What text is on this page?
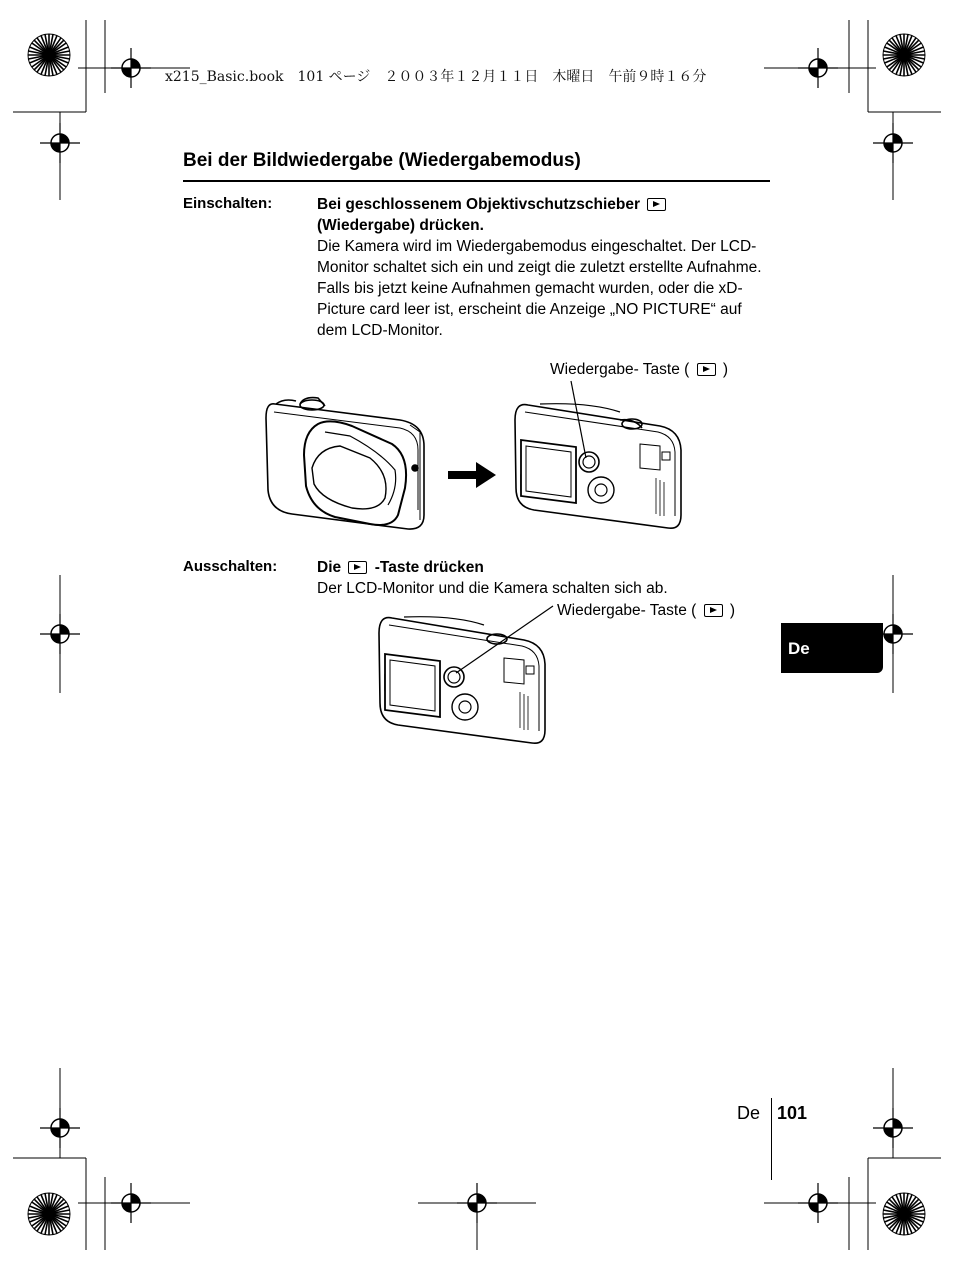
x215_Basic.book　101 ページ　２００３年１２月１１日　木曜日　午前９時１６分
Bei der Bildwiedergabe (Wiedergabemodus)
Einschalten:	Bei geschlossenem Objektivschutzschieber
(Wiedergabe) drücken.
Die Kamera wird im Wiedergabemodus eingeschaltet. Der LCD-Monitor schaltet sich ein und zeigt die zuletzt erstellte Aufnahme.
Falls bis jetzt keine Aufnahmen gemacht wurden, oder die xD-Picture card leer ist, erscheint die Anzeige „NO PICTURE“ auf dem LCD-Monitor.
Wiedergabe- Taste ( )
Ausschalten:	Die -Taste drücken
Der LCD-Monitor und die Kamera schalten sich ab.
Wiedergabe- Taste ( )
De
De 101
